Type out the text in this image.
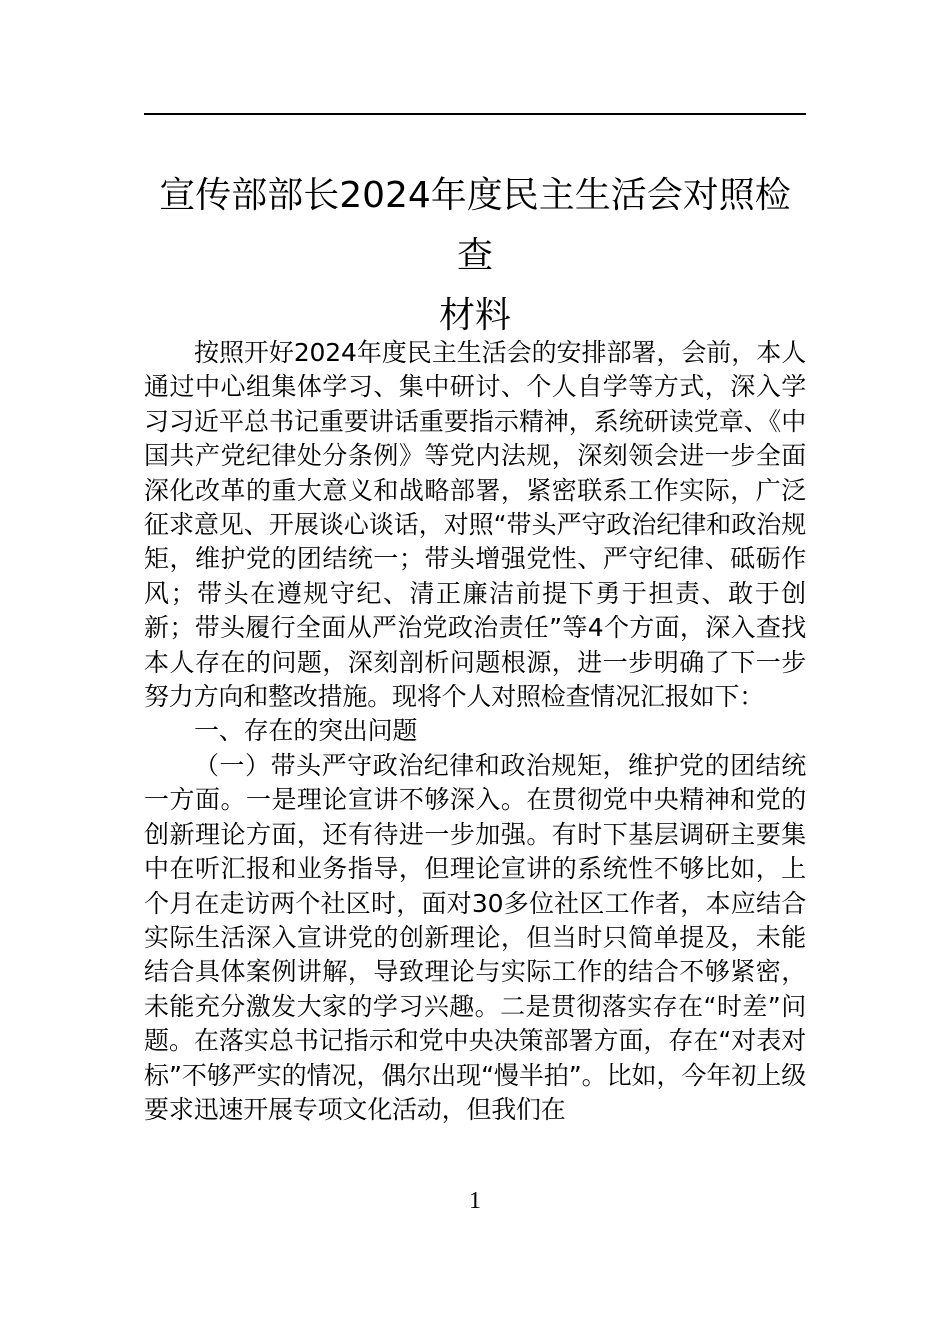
宣传部部长2024年度民主生活会对照检查
材料

按照开好2024年度民主生活会的安排部署，会前，本人通过中心组集体学习、集中研讨、个人自学等方式，深入学习习近平总书记重要讲话重要指示精神，系统研读党章、《中国共产党纪律处分条例》等党内法规，深刻领会进一步全面深化改革的重大意义和战略部署，紧密联系工作实际，广泛征求意见、开展谈心谈话，对照“带头严守政治纪律和政治规矩，维护党的团结统一；带头增强党性、严守纪律、砥砺作风；带头在遵规守纪、清正廉洁前提下勇于担责、敢于创新；带头履行全面从严治党政治责任”等4个方面，深入查找本人存在的问题，深刻剖析问题根源，进一步明确了下一步努力方向和整改措施。现将个人对照检查情况汇报如下：

一、存在的突出问题

（一）带头严守政治纪律和政治规矩，维护党的团结统一方面。一是理论宣讲不够深入。在贯彻党中央精神和党的创新理论方面，还有待进一步加强。有时下基层调研主要集中在听汇报和业务指导，但理论宣讲的系统性不够比如，上个月在走访两个社区时，面对30多位社区工作者，本应结合实际生活深入宣讲党的创新理论，但当时只简单提及，未能结合具体案例讲解，导致理论与实际工作的结合不够紧密，未能充分激发大家的学习兴趣。二是贯彻落实存在“时差”问题。在落实总书记指示和党中央决策部署方面，存在“对表对标”不够严实的情况，偶尔出现“慢半拍”。比如，今年初上级要求迅速开展专项文化活动，但我们在

1
